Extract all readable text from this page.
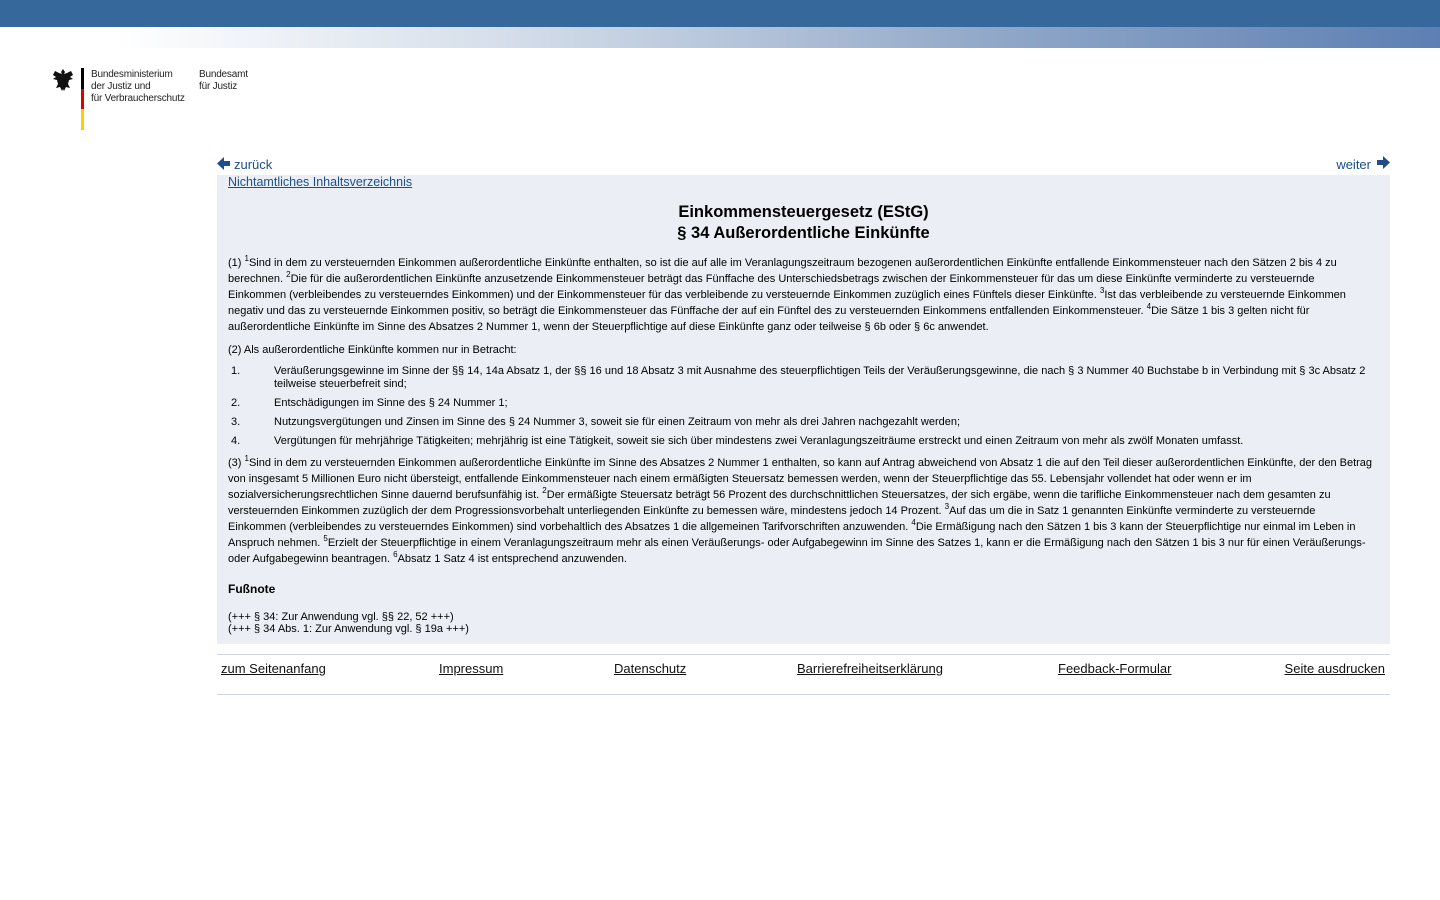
Bundesministerium
der Justiz und
für Verbraucherschutz
Bundesamt
für Justiz
zurück	weiter
Nichtamtliches Inhaltsverzeichnis
Einkommensteuergesetz (EStG)
§ 34 Außerordentliche Einkünfte

(1) $^1$Sind in dem zu versteuernden Einkommen außerordentliche Einkünfte enthalten, so ist die auf alle im Veranlagungszeitraum bezogenen außerordentlichen Einkünfte entfallende Einkommensteuer nach den Sätzen 2 bis 4 zu berechnen. $^2$Die für die außerordentlichen Einkünfte anzusetzende Einkommensteuer beträgt das Fünffache des Unterschiedsbetrags zwischen der Einkommensteuer für das um diese Einkünfte verminderte zu versteuernde Einkommen (verbleibendes zu versteuerndes Einkommen) und der Einkommensteuer für das verbleibende zu versteuernde Einkommen zuzüglich eines Fünftels dieser Einkünfte. $^3$Ist das verbleibende zu versteuernde Einkommen negativ und das zu versteuernde Einkommen positiv, so beträgt die Einkommensteuer das Fünffache der auf ein Fünftel des zu versteuernden Einkommens entfallenden Einkommensteuer. $^4$Die Sätze 1 bis 3 gelten nicht für außerordentliche Einkünfte im Sinne des Absatzes 2 Nummer 1, wenn der Steuerpflichtige auf diese Einkünfte ganz oder teilweise § 6b oder § 6c anwendet.

(2) Als außerordentliche Einkünfte kommen nur in Betracht:

1.	Veräußerungsgewinne im Sinne der §§ 14, 14a Absatz 1, der §§ 16 und 18 Absatz 3 mit Ausnahme des steuerpflichtigen Teils der Veräußerungsgewinne, die nach § 3 Nummer 40 Buchstabe b in Verbindung mit § 3c Absatz 2 teilweise steuerbefreit sind;
2.	Entschädigungen im Sinne des § 24 Nummer 1;
3.	Nutzungsvergütungen und Zinsen im Sinne des § 24 Nummer 3, soweit sie für einen Zeitraum von mehr als drei Jahren nachgezahlt werden;
4.	Vergütungen für mehrjährige Tätigkeiten; mehrjährig ist eine Tätigkeit, soweit sie sich über mindestens zwei Veranlagungszeiträume erstreckt und einen Zeitraum von mehr als zwölf Monaten umfasst.

(3) $^1$Sind in dem zu versteuernden Einkommen außerordentliche Einkünfte im Sinne des Absatzes 2 Nummer 1 enthalten, so kann auf Antrag abweichend von Absatz 1 die auf den Teil dieser außerordentlichen Einkünfte, der den Betrag von insgesamt 5 Millionen Euro nicht übersteigt, entfallende Einkommensteuer nach einem ermäßigten Steuersatz bemessen werden, wenn der Steuerpflichtige das 55. Lebensjahr vollendet hat oder wenn er im sozialversicherungsrechtlichen Sinne dauernd berufsunfähig ist. $^2$Der ermäßigte Steuersatz beträgt 56 Prozent des durchschnittlichen Steuersatzes, der sich ergäbe, wenn die tarifliche Einkommensteuer nach dem gesamten zu versteuernden Einkommen zuzüglich der dem Progressionsvorbehalt unterliegenden Einkünfte zu bemessen wäre, mindestens jedoch 14 Prozent. $^3$Auf das um die in Satz 1 genannten Einkünfte verminderte zu versteuernde Einkommen (verbleibendes zu versteuerndes Einkommen) sind vorbehaltlich des Absatzes 1 die allgemeinen Tarifvorschriften anzuwenden. $^4$Die Ermäßigung nach den Sätzen 1 bis 3 kann der Steuerpflichtige nur einmal im Leben in Anspruch nehmen. $^5$Erzielt der Steuerpflichtige in einem Veranlagungszeitraum mehr als einen Veräußerungs- oder Aufgabegewinn im Sinne des Satzes 1, kann er die Ermäßigung nach den Sätzen 1 bis 3 nur für einen Veräußerungs- oder Aufgabegewinn beantragen. $^6$Absatz 1 Satz 4 ist entsprechend anzuwenden.

Fußnote
(+++ § 34: Zur Anwendung vgl. §§ 22, 52 +++)
(+++ § 34 Abs. 1: Zur Anwendung vgl. § 19a +++)
zum Seitenanfang	Impressum	Datenschutz	Barrierefreiheitserklärung	Feedback-Formular	Seite ausdrucken
